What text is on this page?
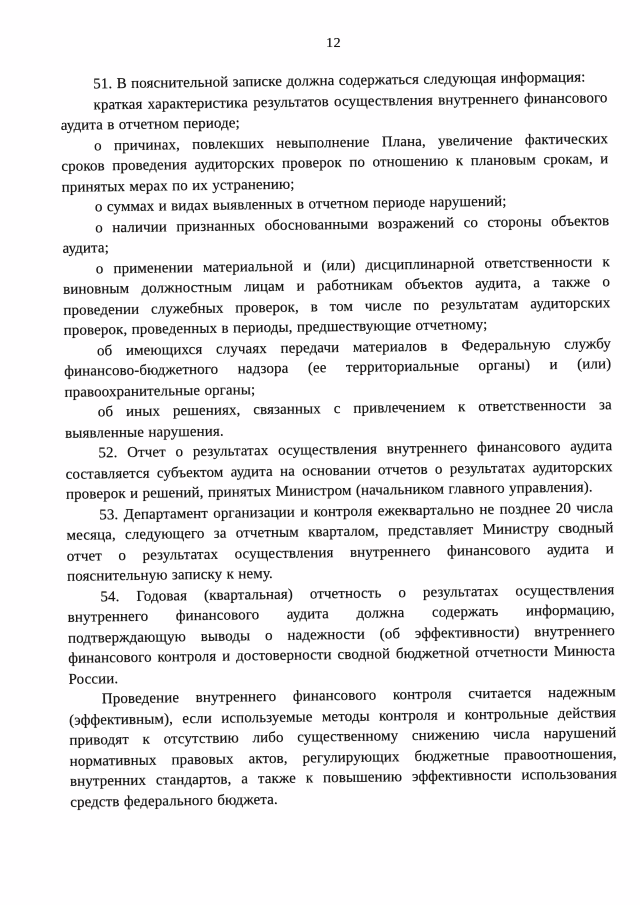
12

51. В пояснительной записке должна содержаться следующая информация:

краткая характеристика результатов осуществления внутреннего финансового аудита в отчетном периоде;

о причинах, повлекших невыполнение Плана, увеличение фактических сроков проведения аудиторских проверок по отношению к плановым срокам, и принятых мерах по их устранению;

о суммах и видах выявленных в отчетном периоде нарушений;

о наличии признанных обоснованными возражений со стороны объектов аудита;

о применении материальной и (или) дисциплинарной ответственности к виновным должностным лицам и работникам объектов аудита, а также о проведении служебных проверок, в том числе по результатам аудиторских проверок, проведенных в периоды, предшествующие отчетному;

об имеющихся случаях передачи материалов в Федеральную службу финансово-бюджетного надзора (ее территориальные органы) и (или) правоохранительные органы;

об иных решениях, связанных с привлечением к ответственности за выявленные нарушения.

52. Отчет о результатах осуществления внутреннего финансового аудита составляется субъектом аудита на основании отчетов о результатах аудиторских проверок и решений, принятых Министром (начальником главного управления).

53. Департамент организации и контроля ежеквартально не позднее 20 числа месяца, следующего за отчетным кварталом, представляет Министру сводный отчет о результатах осуществления внутреннего финансового аудита и пояснительную записку к нему.

54. Годовая (квартальная) отчетность о результатах осуществления внутреннего финансового аудита должна содержать информацию, подтверждающую выводы о надежности (об эффективности) внутреннего финансового контроля и достоверности сводной бюджетной отчетности Минюста России.

Проведение внутреннего финансового контроля считается надежным (эффективным), если используемые методы контроля и контрольные действия приводят к отсутствию либо существенному снижению числа нарушений нормативных правовых актов, регулирующих бюджетные правоотношения, внутренних стандартов, а также к повышению эффективности использования средств федерального бюджета.
